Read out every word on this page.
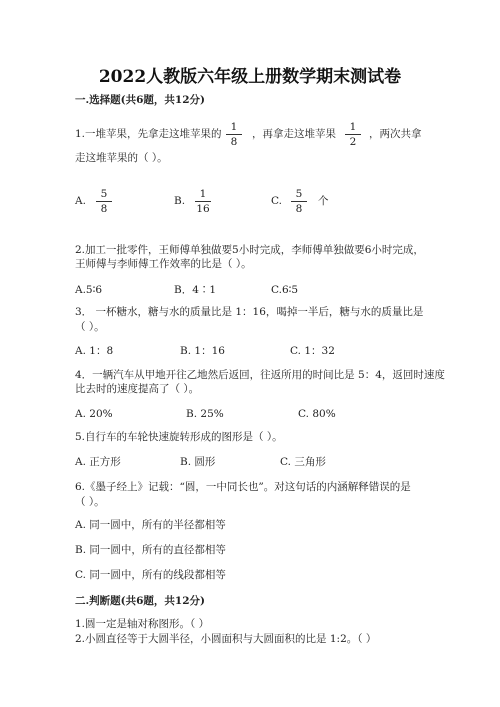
2022人教版六年级上册数学期末测试卷
一.选择题(共6题，共12分)
1.一堆苹果，先拿走这堆苹果的 $\frac{1}{8}$ ，再拿走这堆苹果 $\frac{1}{2}$ ，两次共拿
走这堆苹果的（ ）。
A. $\frac{5}{8}$	B. $\frac{1}{16}$	C. $\frac{5}{8}$ 个
2.加工一批零件，王师傅单独做要5小时完成，李师傅单独做要6小时完成，
王师傅与李师傅工作效率的比是（ ）。
A.5∶6	B．4∶1	C.6∶5
3． 一杯糖水，糖与水的质量比是 1：16，喝掉一半后，糖与水的质量比是
（ ）。
A. 1：8	B. 1：16	C. 1：32
4．一辆汽车从甲地开往乙地然后返回，往返所用的时间比是 5：4，返回时速度
比去时的速度提高了（ ）。
A. 20%	B. 25%	C. 80%
5.自行车的车轮快速旋转形成的图形是（ ）。
A. 正方形	B. 圆形	C. 三角形
6.《墨子经上》记载：“圆，一中同长也”。对这句话的内涵解释错误的是
（ ）。
A. 同一圆中，所有的半径都相等
B. 同一圆中，所有的直径都相等
C. 同一圆中，所有的线段都相等
二.判断题(共6题，共12分)
1.圆一定是轴对称图形。（ ）
2.小圆直径等于大圆半径，小圆面积与大圆面积的比是 1:2。（ ）
